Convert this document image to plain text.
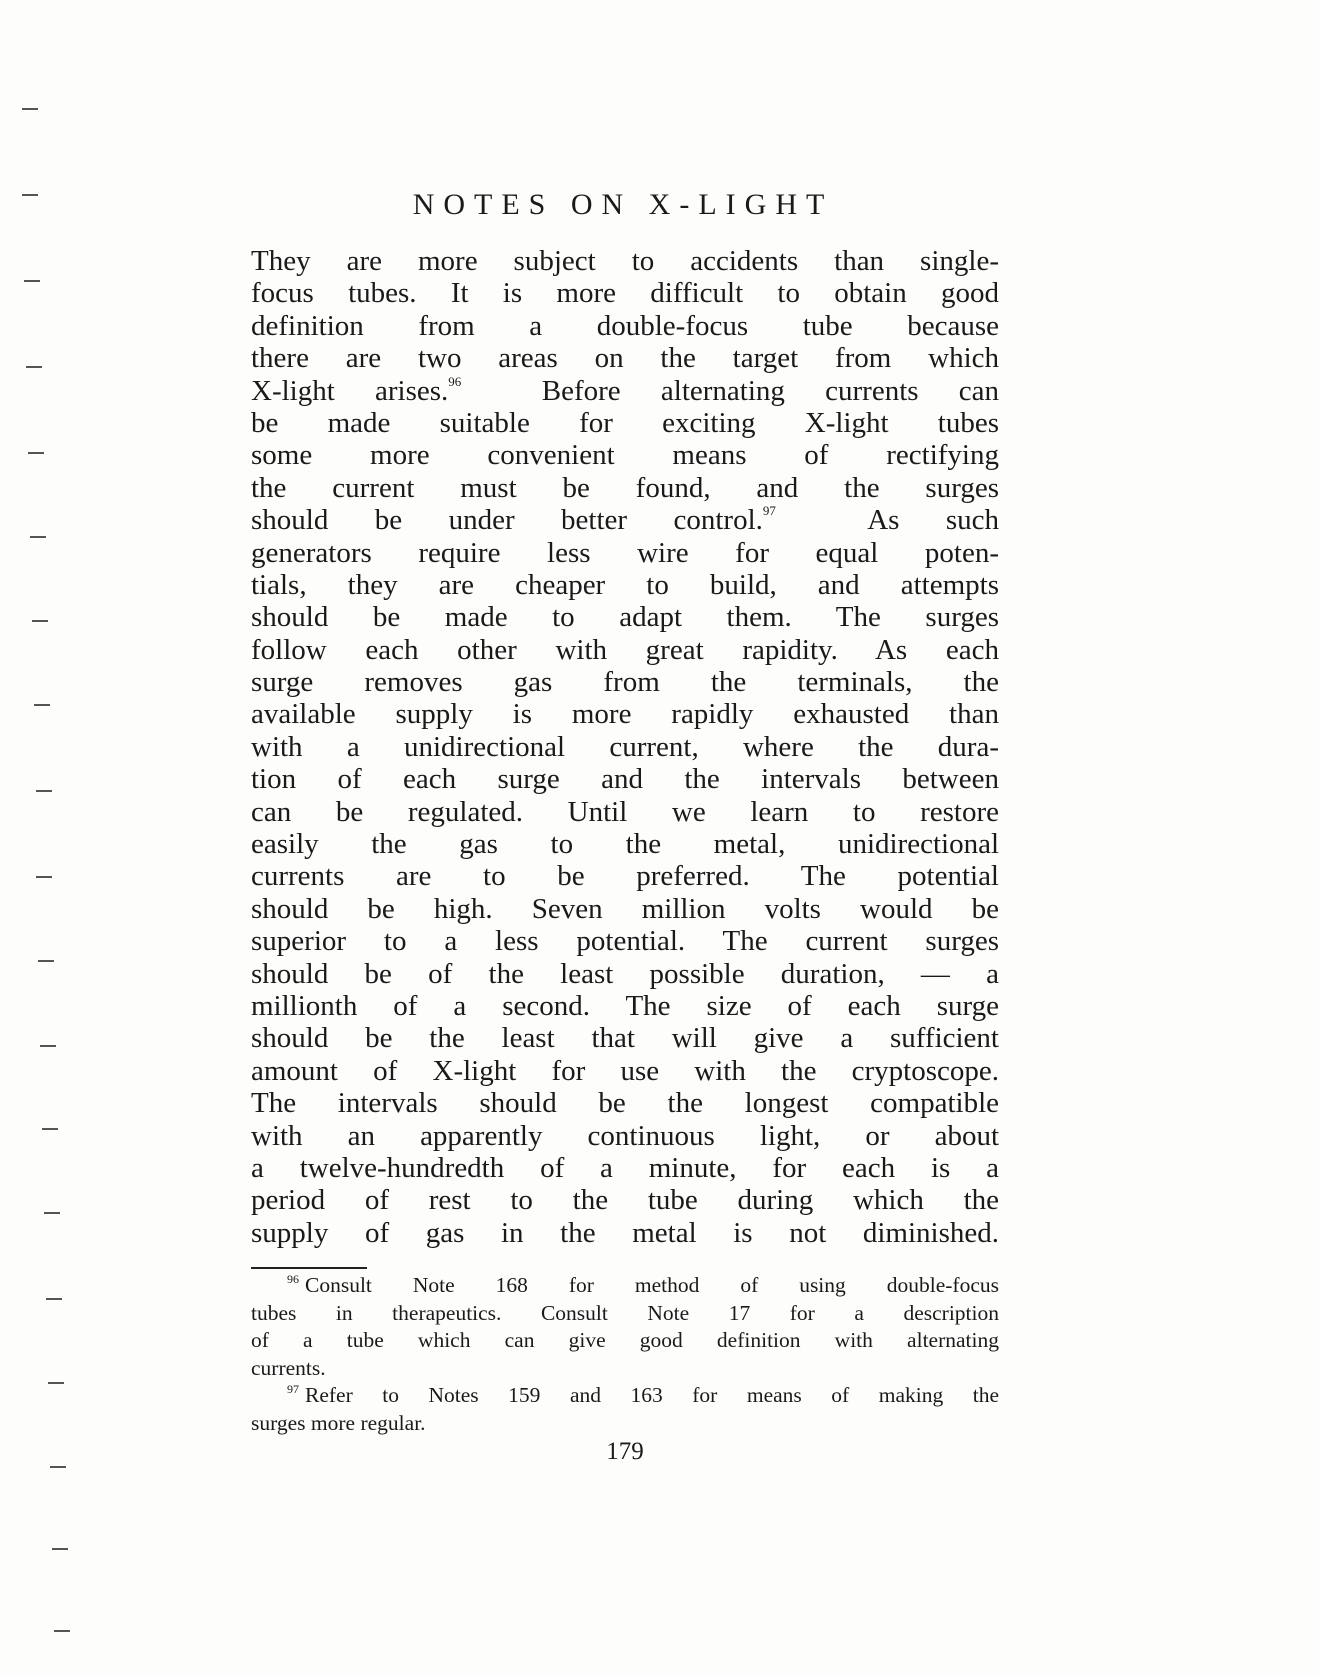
NOTES ON X-LIGHT
They are more subject to accidents than single-
focus tubes. It is more difficult to obtain good
definition from a double-focus tube because
there are two areas on the target from which
X-light arises.$^{96}$	Before alternating currents can
be made suitable for exciting X-light tubes
some more convenient means of rectifying
the current must be found, and the surges
should be under better control.$^{97}$	As such
generators require less wire for equal poten-
tials, they are cheaper to build, and attempts
should be made to adapt them. The surges
follow each other with great rapidity. As each
surge removes gas from the terminals, the
available supply is more rapidly exhausted than
with a unidirectional current, where the dura-
tion of each surge and the intervals between
can be regulated. Until we learn to restore
easily the gas to the metal, unidirectional
currents are to be preferred. The potential
should be high. Seven million volts would be
superior to a less potential. The current surges
should be of the least possible duration, — a
millionth of a second. The size of each surge
should be the least that will give a sufficient
amount of X-light for use with the cryptoscope.
The intervals should be the longest compatible
with an apparently continuous light, or about
a twelve-hundredth of a minute, for each is a
period of rest to the tube during which the
supply of gas in the metal is not diminished.
$^{96}$ Consult Note 168 for method of using double-focus
tubes in therapeutics. Consult Note 17 for a description
of a tube which can give good definition with alternating
currents.
$^{97}$ Refer to Notes 159 and 163 for means of making the
surges more regular.
179
